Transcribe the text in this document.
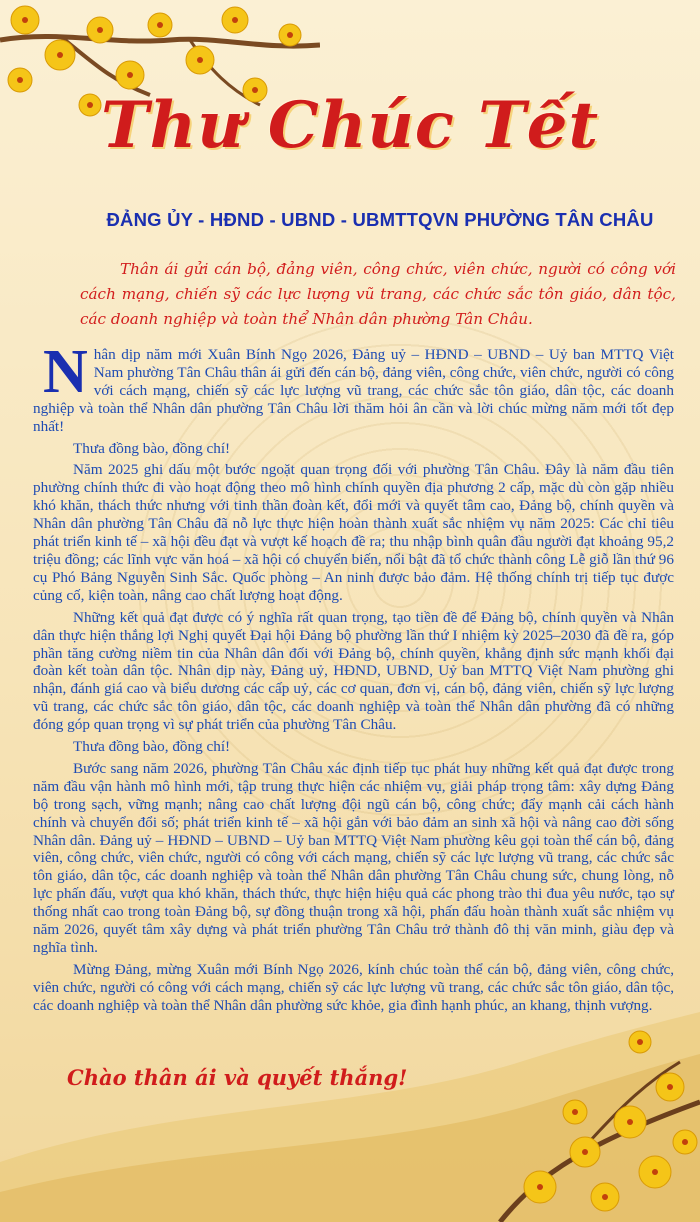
Thư Chúc Tết
ĐẢNG ỦY - HĐND - UBND - UBMTTQVN PHƯỜNG TÂN CHÂU

Thân ái gửi cán bộ, đảng viên, công chức, viên chức, người có công với cách mạng, chiến sỹ các lực lượng vũ trang, các chức sắc tôn giáo, dân tộc, các doanh nghiệp và toàn thể Nhân dân phường Tân Châu.

Nhân dịp năm mới Xuân Bính Ngọ 2026, Đảng uỷ – HĐND – UBND – Uỷ ban MTTQ Việt Nam phường Tân Châu thân ái gửi đến cán bộ, đảng viên, công chức, viên chức, người có công với cách mạng, chiến sỹ các lực lượng vũ trang, các chức sắc tôn giáo, dân tộc, các doanh nghiệp và toàn thể Nhân dân phường Tân Châu lời thăm hỏi ân cần và lời chúc mừng năm mới tốt đẹp nhất!

Thưa đồng bào, đồng chí!

Năm 2025 ghi dấu một bước ngoặt quan trọng đối với phường Tân Châu. Đây là năm đầu tiên phường chính thức đi vào hoạt động theo mô hình chính quyền địa phương 2 cấp, mặc dù còn gặp nhiều khó khăn, thách thức nhưng với tinh thần đoàn kết, đổi mới và quyết tâm cao, Đảng bộ, chính quyền và Nhân dân phường Tân Châu đã nỗ lực thực hiện hoàn thành xuất sắc nhiệm vụ năm 2025: Các chỉ tiêu phát triển kinh tế – xã hội đều đạt và vượt kế hoạch đề ra; thu nhập bình quân đầu người đạt khoảng 95,2 triệu đồng; các lĩnh vực văn hoá – xã hội có chuyển biến, nổi bật đã tổ chức thành công Lễ giỗ lần thứ 96 cụ Phó Bảng Nguyễn Sinh Sắc. Quốc phòng – An ninh được bảo đảm. Hệ thống chính trị tiếp tục được củng cố, kiện toàn, nâng cao chất lượng hoạt động.

Những kết quả đạt được có ý nghĩa rất quan trọng, tạo tiền đề để Đảng bộ, chính quyền và Nhân dân thực hiện thắng lợi Nghị quyết Đại hội Đảng bộ phường lần thứ I nhiệm kỳ 2025–2030 đã đề ra, góp phần tăng cường niềm tin của Nhân dân đối với Đảng bộ, chính quyền, khẳng định sức mạnh khối đại đoàn kết toàn dân tộc. Nhân dịp này, Đảng uỷ, HĐND, UBND, Uỷ ban MTTQ Việt Nam phường ghi nhận, đánh giá cao và biểu dương các cấp uỷ, các cơ quan, đơn vị, cán bộ, đảng viên, chiến sỹ lực lượng vũ trang, các chức sắc tôn giáo, dân tộc, các doanh nghiệp và toàn thể Nhân dân phường đã có những đóng góp quan trọng vì sự phát triển của phường Tân Châu.

Thưa đồng bào, đồng chí!

Bước sang năm 2026, phường Tân Châu xác định tiếp tục phát huy những kết quả đạt được trong năm đầu vận hành mô hình mới, tập trung thực hiện các nhiệm vụ, giải pháp trọng tâm: xây dựng Đảng bộ trong sạch, vững mạnh; nâng cao chất lượng đội ngũ cán bộ, công chức; đẩy mạnh cải cách hành chính và chuyển đổi số; phát triển kinh tế – xã hội gắn với bảo đảm an sinh xã hội và nâng cao đời sống Nhân dân. Đảng uỷ – HĐND – UBND – Uỷ ban MTTQ Việt Nam phường kêu gọi toàn thể cán bộ, đảng viên, công chức, viên chức, người có công với cách mạng, chiến sỹ các lực lượng vũ trang, các chức sắc tôn giáo, dân tộc, các doanh nghiệp và toàn thể Nhân dân phường Tân Châu chung sức, chung lòng, nỗ lực phấn đấu, vượt qua khó khăn, thách thức, thực hiện hiệu quả các phong trào thi đua yêu nước, tạo sự thống nhất cao trong toàn Đảng bộ, sự đồng thuận trong xã hội, phấn đấu hoàn thành xuất sắc nhiệm vụ năm 2026, quyết tâm xây dựng và phát triển phường Tân Châu trở thành đô thị văn minh, giàu đẹp và nghĩa tình.

Mừng Đảng, mừng Xuân mới Bính Ngọ 2026, kính chúc toàn thể cán bộ, đảng viên, công chức, viên chức, người có công với cách mạng, chiến sỹ các lực lượng vũ trang, các chức sắc tôn giáo, dân tộc, các doanh nghiệp và toàn thể Nhân dân phường sức khỏe, gia đình hạnh phúc, an khang, thịnh vượng.

Chào thân ái và quyết thắng!
